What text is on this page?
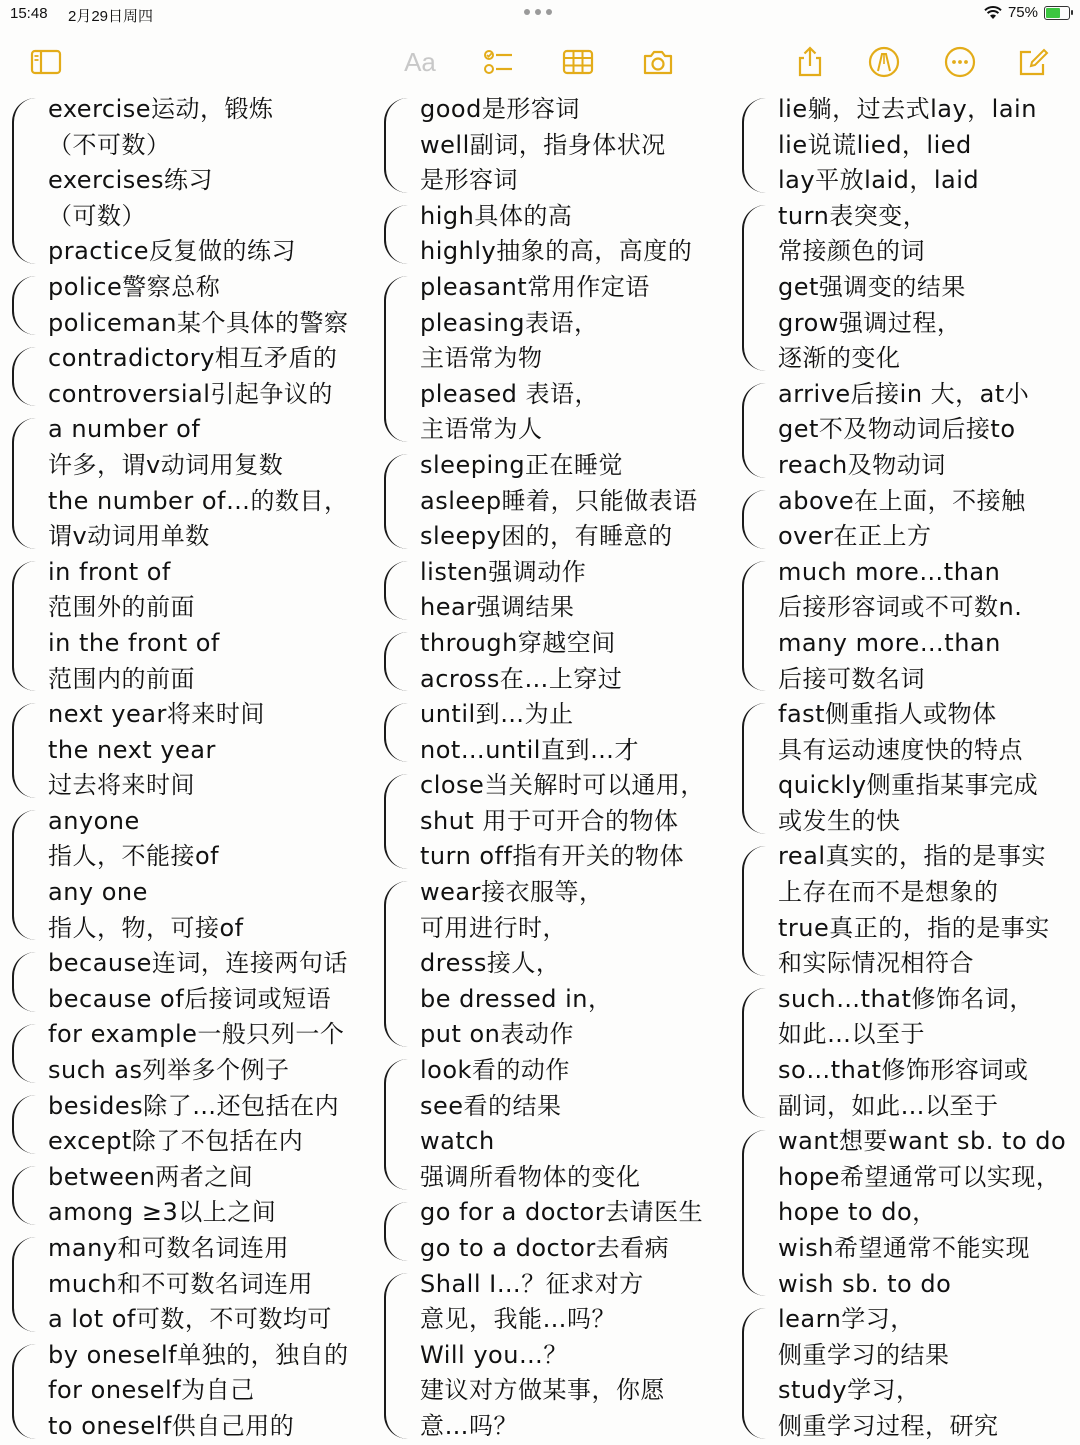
15:48 2月29日周四	75%
Aa
exercise运动，锻炼
（不可数）
exercises练习
（可数）
practice反复做的练习
police警察总称
policeman某个具体的警察
contradictory相互矛盾的
controversial引起争议的
a number of
许多，谓v动词用复数
the number of…的数目，
谓v动词用单数
in front of
范围外的前面
in the front of
范围内的前面
next year将来时间
the next year
过去将来时间
anyone
指人，不能接of
any one
指人，物，可接of
because连词，连接两句话
because of后接词或短语
for example一般只列一个
such as列举多个例子
besides除了…还包括在内
except除了不包括在内
between两者之间
among ≥3以上之间
many和可数名词连用
much和不可数名词连用
a lot of可数，不可数均可
by oneself单独的，独自的
for oneself为自己
to oneself供自己用的
good是形容词
well副词，指身体状况
是形容词
high具体的高
highly抽象的高，高度的
pleasant常用作定语
pleasing表语，
主语常为物
pleased 表语，
主语常为人
sleeping正在睡觉
asleep睡着，只能做表语
sleepy困的，有睡意的
listen强调动作
hear强调结果
through穿越空间
across在…上穿过
until到…为止
not…until直到…才
close当关解时可以通用，
shut 用于可开合的物体
turn off指有开关的物体
wear接衣服等，
可用进行时，
dress接人，
be dressed in，
put on表动作
look看的动作
see看的结果
watch
强调所看物体的变化
go for a doctor去请医生
go to a doctor去看病
Shall I…？征求对方
意见，我能…吗？
Will you…？
建议对方做某事，你愿
意…吗？
lie躺，过去式lay，lain
lie说谎lied，lied
lay平放laid，laid
turn表突变，
常接颜色的词
get强调变的结果
grow强调过程，
逐渐的变化
arrive后接in 大，at小
get不及物动词后接to
reach及物动词
above在上面，不接触
over在正上方
much more…than
后接形容词或不可数n.
many more…than
后接可数名词
fast侧重指人或物体
具有运动速度快的特点
quickly侧重指某事完成
或发生的快
real真实的，指的是事实
上存在而不是想象的
true真正的，指的是事实
和实际情况相符合
such…that修饰名词，
如此…以至于
so…that修饰形容词或
副词，如此…以至于
want想要want sb. to do
hope希望通常可以实现，
hope to do，
wish希望通常不能实现
wish sb. to do
learn学习，
侧重学习的结果
study学习，
侧重学习过程，研究
